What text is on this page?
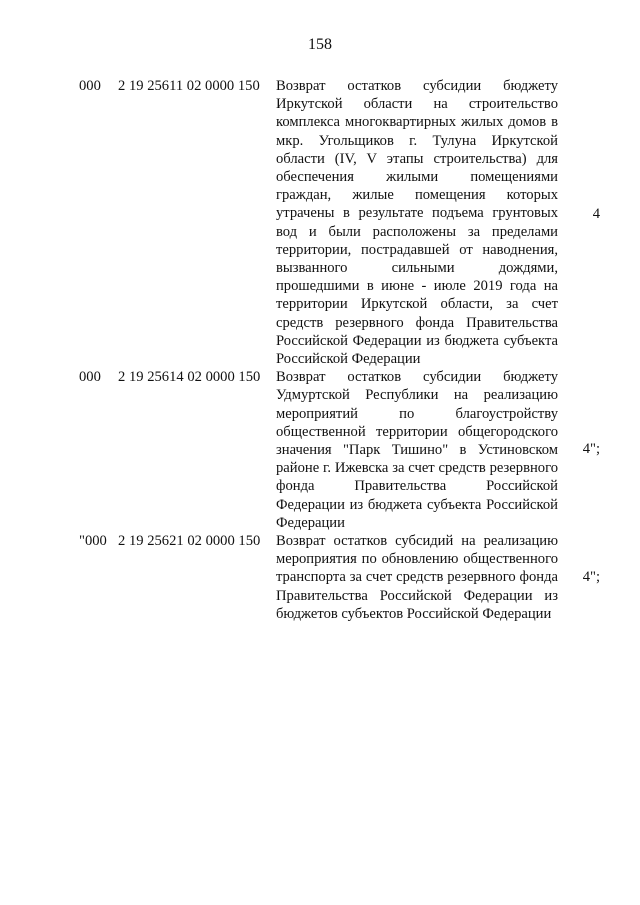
158
000 2 19 25611 02 0000 150 Возврат остатков субсидии бюджету Иркутской области на строительство комплекса многоквартирных жилых домов в мкр. Угольщиков г. Тулуна Иркутской области (IV, V этапы строительства) для обеспечения жилыми помещениями граждан, жилые помещения которых утрачены в результате подъема грунтовых вод и были расположены за пределами территории, пострадавшей от наводнения, вызванного сильными дождями, прошедшими в июне - июле 2019 года на территории Иркутской области, за счет средств резервного фонда Правительства Российской Федерации из бюджета субъекта Российской Федерации
4
000 2 19 25614 02 0000 150 Возврат остатков субсидии бюджету Удмуртской Республики на реализацию мероприятий по благоустройству общественной территории общегородского значения "Парк Тишино" в Устиновском районе г. Ижевска за счет средств резервного фонда Правительства Российской Федерации из бюджета субъекта Российской Федерации
4";
"000 2 19 25621 02 0000 150 Возврат остатков субсидий на реализацию мероприятия по обновлению общественного транспорта за счет средств резервного фонда Правительства Российской Федерации из бюджетов субъектов Российской Федерации
4";
